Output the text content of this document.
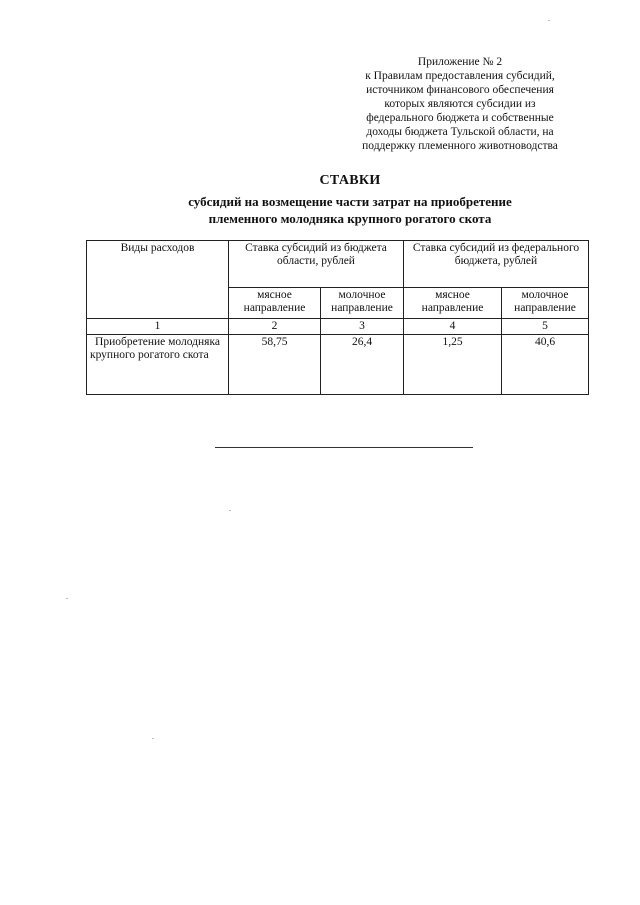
Приложение № 2
к Правилам предоставления субсидий,
источником финансового обеспечения
которых являются субсидии из
федерального бюджета и собственные
доходы бюджета Тульской области, на
поддержку племенного животноводства
СТАВКИ
субсидий на возмещение части затрат на приобретение
племенного молодняка крупного рогатого скота
Виды расходов	Ставка субсидий из бюджета области, рублей		Ставка субсидий из федерального бюджета, рублей	
	мясное направление	молочное направление	мясное направление	молочное направление
1	2	3	4	5
Приобретение молодняка крупного рогатого скота	58,75	26,4	1,25	40,6
